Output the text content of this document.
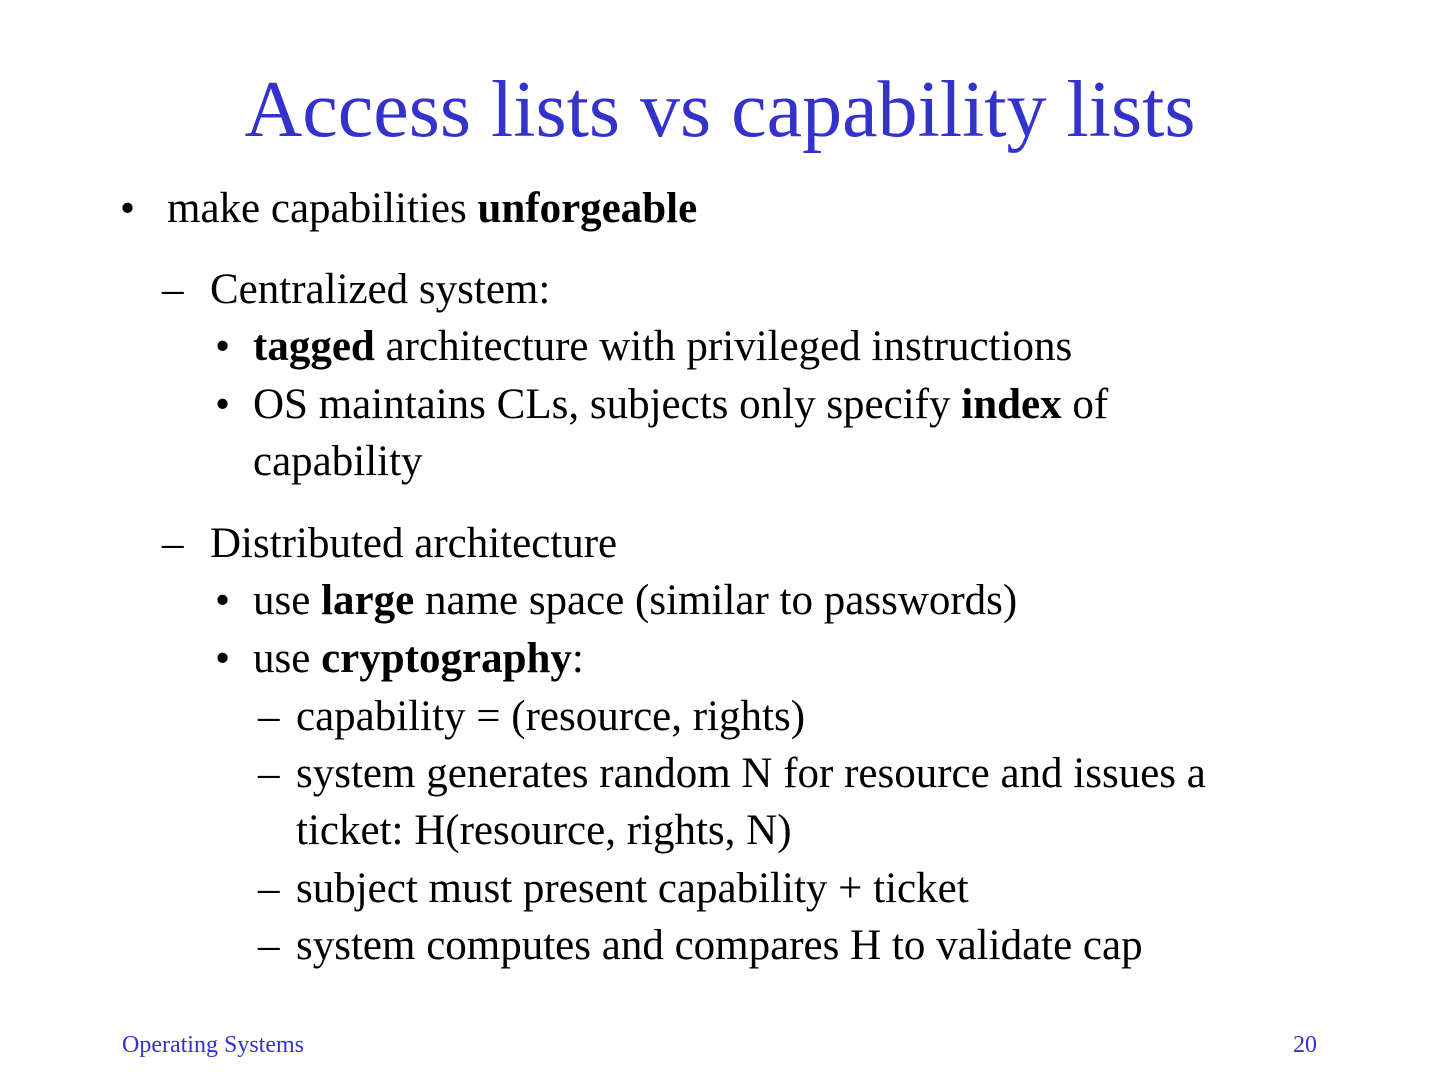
Access lists vs capability lists
• make capabilities unforgeable
– Centralized system:
• tagged architecture with privileged instructions
• OS maintains CLs, subjects only specify index of
capability
– Distributed architecture
• use large name space (similar to passwords)
• use cryptography:
– capability = (resource, rights)
– system generates random N for resource and issues a
ticket: H(resource, rights, N)
– subject must present capability + ticket
– system computes and compares H to validate cap
Operating Systems	20
